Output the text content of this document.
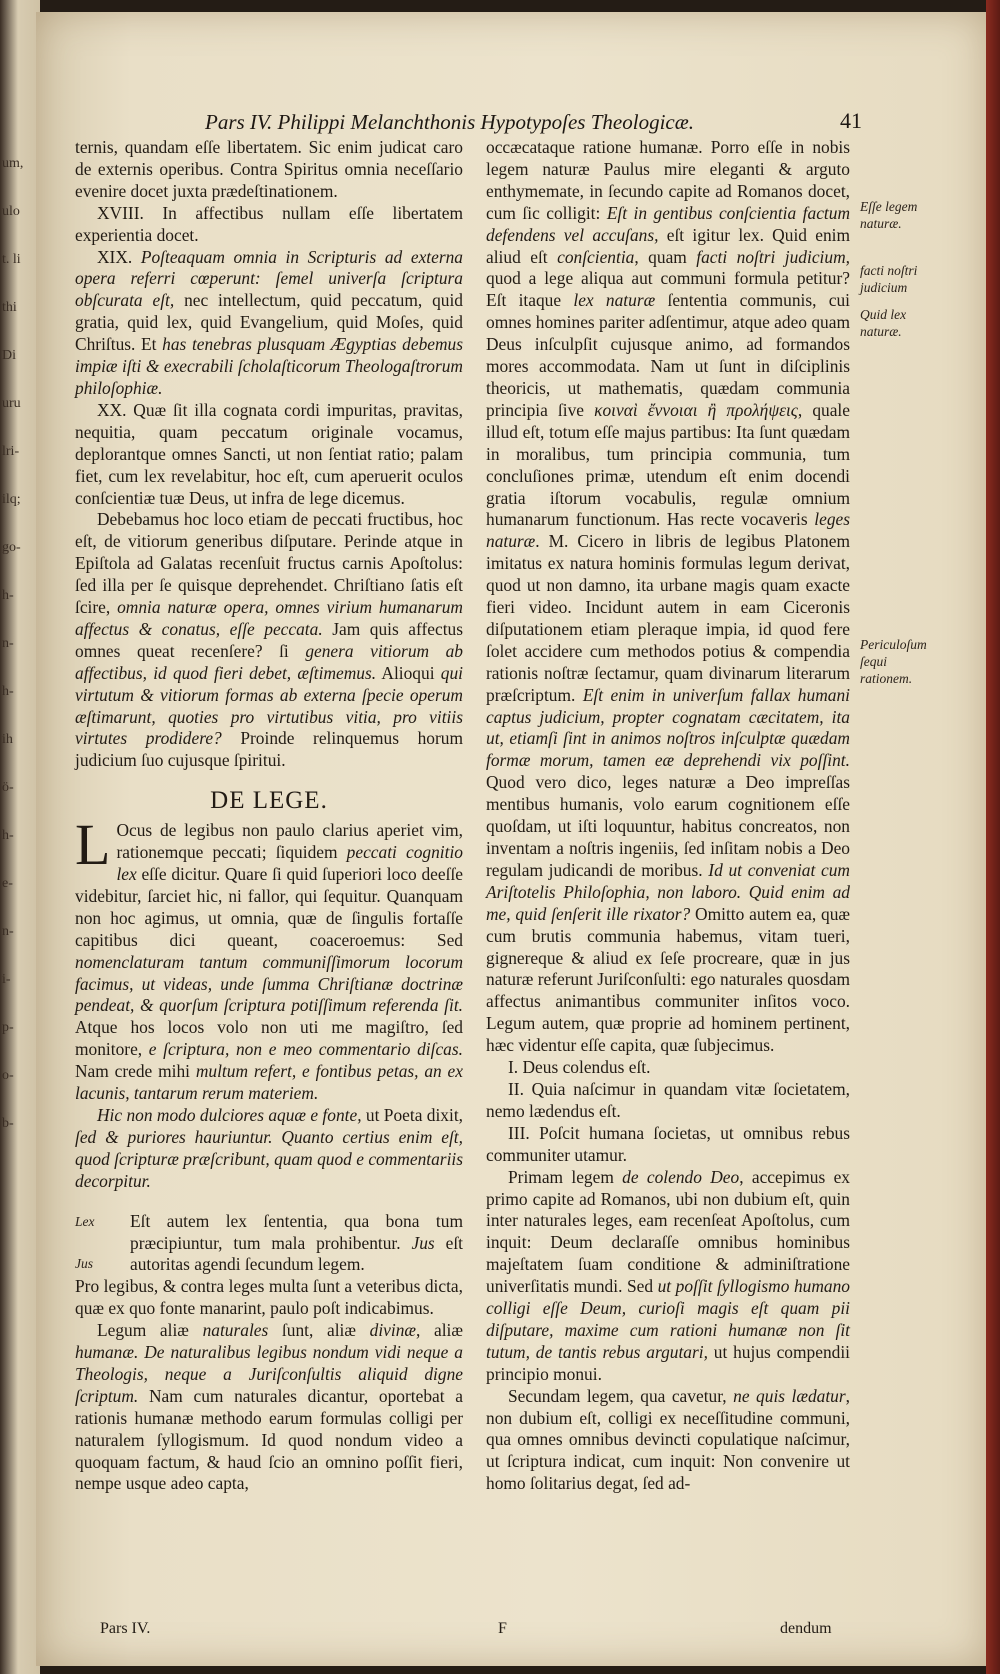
um,
ulo
t. li
thi
Di
uru
lri-
ilq;
go-
h-
n-
h-
ih
ö-
h-
e-
n-
i-
p-
o-
b-
Pars IV. Philippi Melanchthonis Hypotypoſes Theologicæ.	41

ternis, quandam eſſe libertatem. Sic enim judicat caro de externis operibus. Contra Spiritus omnia neceſſario evenire docet juxta prædeſtinationem.

XVIII. In affectibus nullam eſſe libertatem experientia docet.

XIX. Poſteaquam omnia in Scripturis ad externa opera referri cœperunt: ſemel univerſa ſcriptura obſcurata eſt, nec intellectum, quid peccatum, quid gratia, quid lex, quid Evangelium, quid Moſes, quid Chriſtus. Et has tenebras plusquam Ægyptias debemus impiæ iſti & execrabili ſcholaſticorum Theologaſtrorum philoſophiæ.

XX. Quæ ſit illa cognata cordi impuritas, pravitas, nequitia, quam peccatum originale vocamus, deplorantque omnes Sancti, ut non ſentiat ratio; palam fiet, cum lex revelabitur, hoc eſt, cum aperuerit oculos conſcientiæ tuæ Deus, ut infra de lege dicemus.

Debebamus hoc loco etiam de peccati fructibus, hoc eſt, de vitiorum generibus diſputare. Perinde atque in Epiſtola ad Galatas recenſuit fructus carnis Apoſtolus: ſed illa per ſe quisque deprehendet. Chriſtiano ſatis eſt ſcire, omnia naturæ opera, omnes virium humanarum affectus & conatus, eſſe peccata. Jam quis affectus omnes queat recenſere? ſi genera vitiorum ab affectibus, id quod fieri debet, æſtimemus. Alioqui qui virtutum & vitiorum formas ab externa ſpecie operum æſtimarunt, quoties pro virtutibus vitia, pro vitiis virtutes prodidere? Proinde relinquemus horum judicium ſuo cujusque ſpiritui.

DE LEGE.

L Ocus de legibus non paulo clarius aperiet vim, rationemque peccati; ſiquidem peccati cognitio lex eſſe dicitur. Quare ſi quid ſuperiori loco deeſſe videbitur, ſarciet hic, ni fallor, qui ſequitur. Quanquam non hoc agimus, ut omnia, quæ de ſingulis fortaſſe capitibus dici queant, coaceroemus: Sed nomenclaturam tantum communiſſimorum locorum facimus, ut videas, unde ſumma Chriſtianæ doctrinæ pendeat, & quorſum ſcriptura potiſſimum referenda ſit. Atque hos locos volo non uti me magiſtro, ſed monitore, e ſcriptura, non e meo commentario diſcas. Nam crede mihi multum refert, e fontibus petas, an ex lacunis, tantarum rerum materiem.

Hic non modo dulciores aquæ e fonte, ut Poeta dixit, ſed & puriores hauriuntur. Quanto certius enim eſt, quod ſcripturæ præſcribunt, quam quod e commentariis decorpitur.

Lex
Jus

Eſt autem lex ſententia, qua bona tum præcipiuntur, tum mala prohibentur. Jus eſt autoritas agendi ſecundum legem.

Pro legibus, & contra leges multa ſunt a veteribus dicta, quæ ex quo fonte manarint, paulo poſt indicabimus.

Legum aliæ naturales ſunt, aliæ divinæ, aliæ humanæ. De naturalibus legibus nondum vidi neque a Theologis, neque a Juriſconſultis aliquid digne ſcriptum. Nam cum naturales dicantur, oportebat a rationis humanæ methodo earum formulas colligi per naturalem ſyllogismum. Id quod nondum video a quoquam factum, & haud ſcio an omnino poſſit fieri, nempe usque adeo capta,

occæcataque ratione humanæ. Porro eſſe in nobis legem naturæ Paulus mire eleganti & arguto enthymemate, in ſecundo capite ad Romanos docet, cum ſic colligit: Eſt in gentibus conſcientia factum defendens vel accuſans, eſt igitur lex. Quid enim aliud eſt conſcientia, quam facti noſtri judicium, quod a lege aliqua aut communi formula petitur? Eſt itaque lex naturæ ſententia communis, cui omnes homines pariter adſentimur, atque adeo quam Deus inſculpſit cujusque animo, ad formandos mores accommodata. Nam ut ſunt in diſciplinis theoricis, ut mathematis, quædam communia principia ſive κοιναὶ ἔννοιαι ἢ προλήψεις, quale illud eſt, totum eſſe majus partibus: Ita ſunt quædam in moralibus, tum principia communia, tum concluſiones primæ, utendum eſt enim docendi gratia iſtorum vocabulis, regulæ omnium humanarum functionum. Has recte vocaveris leges naturæ. M. Cicero in libris de legibus Platonem imitatus ex natura hominis formulas legum derivat, quod ut non damno, ita urbane magis quam exacte fieri video. Incidunt autem in eam Ciceronis diſputationem etiam pleraque impia, id quod fere ſolet accidere cum methodos potius & compendia rationis noſtræ ſectamur, quam divinarum literarum præſcriptum. Eſt enim in univerſum fallax humani captus judicium, propter cognatam cæcitatem, ita ut, etiamſi ſint in animos noſtros inſculptæ quædam formæ morum, tamen eæ deprehendi vix poſſint. Quod vero dico, leges naturæ a Deo impreſſas mentibus humanis, volo earum cognitionem eſſe quoſdam, ut iſti loquuntur, habitus concreatos, non inventam a noſtris ingeniis, ſed inſitam nobis a Deo regulam judicandi de moribus. Id ut conveniat cum Ariſtotelis Philoſophia, non laboro. Quid enim ad me, quid ſenſerit ille rixator? Omitto autem ea, quæ cum brutis communia habemus, vitam tueri, gignereque & aliud ex ſeſe procreare, quæ in jus naturæ referunt Juriſconſulti: ego naturales quosdam affectus animantibus communiter inſitos voco. Legum autem, quæ proprie ad hominem pertinent, hæc videntur eſſe capita, quæ ſubjecimus.

I. Deus colendus eſt.

II. Quia naſcimur in quandam vitæ ſocietatem, nemo lædendus eſt.

III. Poſcit humana ſocietas, ut omnibus rebus communiter utamur.

Primam legem de colendo Deo, accepimus ex primo capite ad Romanos, ubi non dubium eſt, quin inter naturales leges, eam recenſeat Apoſtolus, cum inquit: Deum declaraſſe omnibus hominibus majeſtatem ſuam conditione & adminiſtratione univerſitatis mundi. Sed ut poſſit ſyllogismo humano colligi eſſe Deum, curioſi magis eſt quam pii diſputare, maxime cum rationi humanæ non ſit tutum, de tantis rebus argutari, ut hujus compendii principio monui.

Secundam legem, qua cavetur, ne quis lædatur, non dubium eſt, colligi ex neceſſitudine communi, qua omnes omnibus devincti copulatique naſcimur, ut ſcriptura indicat, cum inquit: Non convenire ut homo ſolitarius degat, ſed ad-

Eſſe legem naturæ.
facti noſtri judicium
Quid lex naturæ.
Periculoſum ſequi rationem.
Pars IV.	F	dendum
